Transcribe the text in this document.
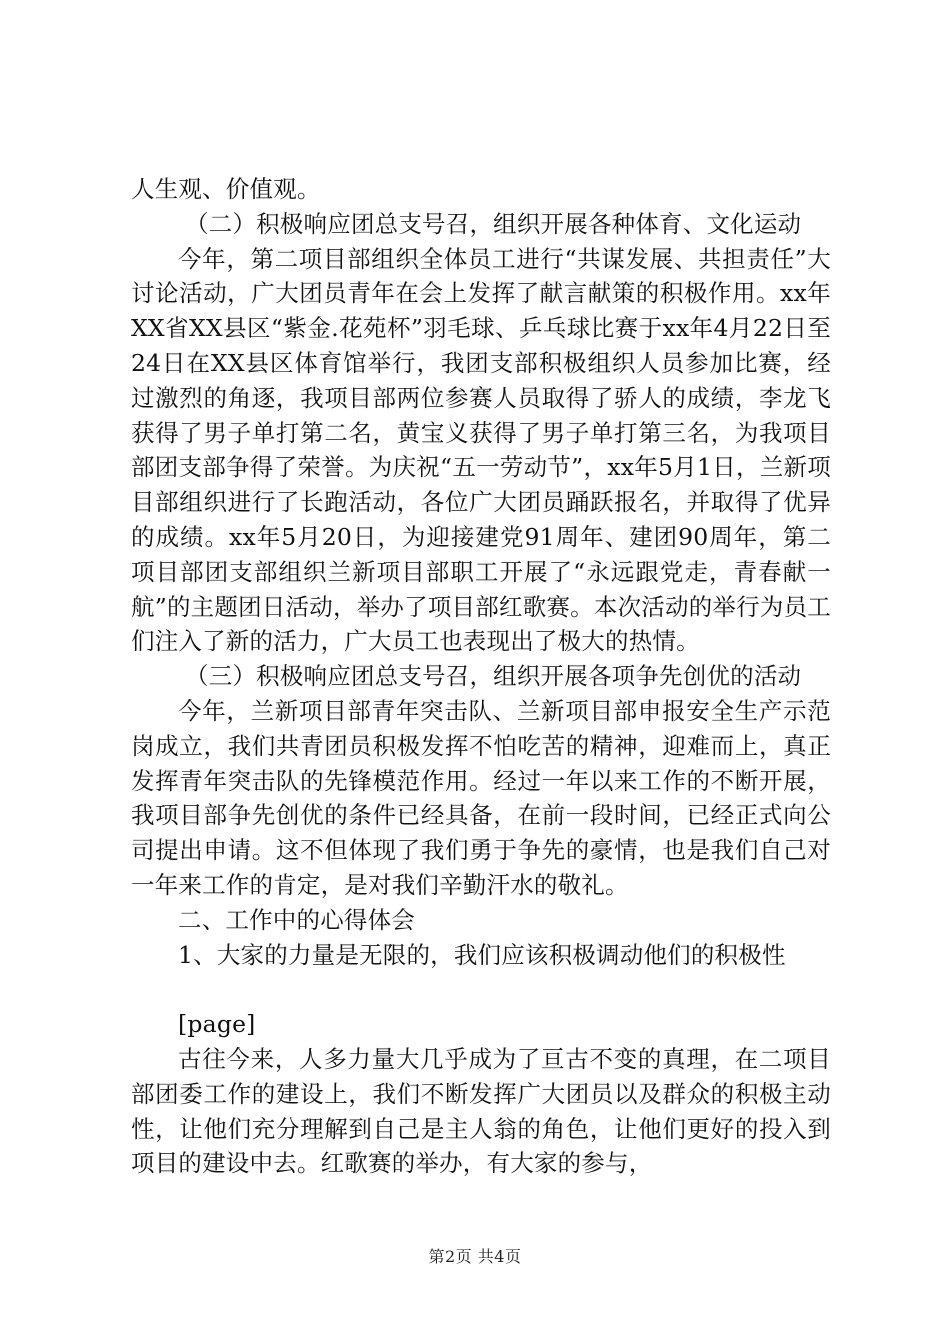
人生观、价值观。

（二）积极响应团总支号召，组织开展各种体育、文化运动

今年，第二项目部组织全体员工进行“共谋发展、共担责任”大讨论活动，广大团员青年在会上发挥了献言献策的积极作用。xx年XX省XX县区“紫金.花苑杯”羽毛球、乒乓球比赛于xx年4月22日至24日在XX县区体育馆举行，我团支部积极组织人员参加比赛，经过激烈的角逐，我项目部两位参赛人员取得了骄人的成绩，李龙飞获得了男子单打第二名，黄宝义获得了男子单打第三名，为我项目部团支部争得了荣誉。为庆祝“五一劳动节”，xx年5月1日，兰新项目部组织进行了长跑活动，各位广大团员踊跃报名，并取得了优异的成绩。xx年5月20日，为迎接建党91周年、建团90周年，第二项目部团支部组织兰新项目部职工开展了“永远跟党走，青春献一航”的主题团日活动，举办了项目部红歌赛。本次活动的举行为员工们注入了新的活力，广大员工也表现出了极大的热情。

（三）积极响应团总支号召，组织开展各项争先创优的活动

今年，兰新项目部青年突击队、兰新项目部申报安全生产示范岗成立，我们共青团员积极发挥不怕吃苦的精神，迎难而上，真正发挥青年突击队的先锋模范作用。经过一年以来工作的不断开展，我项目部争先创优的条件已经具备，在前一段时间，已经正式向公司提出申请。这不但体现了我们勇于争先的豪情，也是我们自己对一年来工作的肯定，是对我们辛勤汗水的敬礼。

二、工作中的心得体会

1、大家的力量是无限的，我们应该积极调动他们的积极性

[page]

古往今来，人多力量大几乎成为了亘古不变的真理，在二项目部团委工作的建设上，我们不断发挥广大团员以及群众的积极主动性，让他们充分理解到自己是主人翁的角色，让他们更好的投入到项目的建设中去。红歌赛的举办，有大家的参与，

第2页 共4页
